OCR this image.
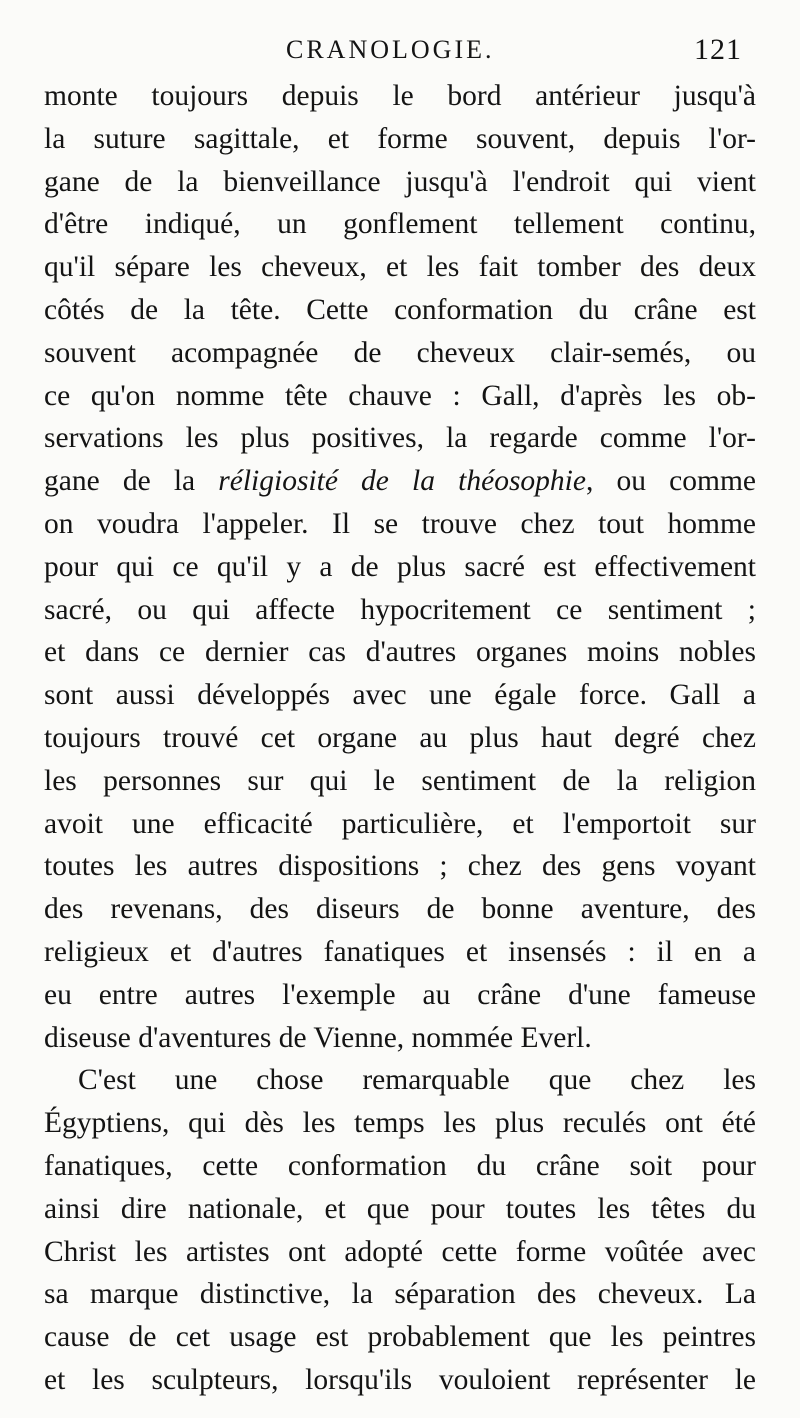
CRANOLOGIE.	121
monte toujours depuis le bord antérieur jusqu'à
la suture sagittale, et forme souvent, depuis l'or-
gane de la bienveillance jusqu'à l'endroit qui vient
d'être indiqué, un gonflement tellement continu,
qu'il sépare les cheveux, et les fait tomber des deux
côtés de la tête. Cette conformation du crâne est
souvent acompagnée de cheveux clair-semés, ou
ce qu'on nomme tête chauve : Gall, d'après les ob-
servations les plus positives, la regarde comme l'or-
gane de la réligiosité de la théosophie, ou comme
on voudra l'appeler. Il se trouve chez tout homme
pour qui ce qu'il y a de plus sacré est effectivement
sacré, ou qui affecte hypocritement ce sentiment ;
et dans ce dernier cas d'autres organes moins nobles
sont aussi développés avec une égale force. Gall a
toujours trouvé cet organe au plus haut degré chez
les personnes sur qui le sentiment de la religion
avoit une efficacité particulière, et l'emportoit sur
toutes les autres dispositions ; chez des gens voyant
des revenans, des diseurs de bonne aventure, des
religieux et d'autres fanatiques et insensés : il en a
eu entre autres l'exemple au crâne d'une fameuse
diseuse d'aventures de Vienne, nommée Everl.
C'est une chose remarquable que chez les
Égyptiens, qui dès les temps les plus reculés ont été
fanatiques, cette conformation du crâne soit pour
ainsi dire nationale, et que pour toutes les têtes du
Christ les artistes ont adopté cette forme voûtée avec
sa marque distinctive, la séparation des cheveux. La
cause de cet usage est probablement que les peintres
et les sculpteurs, lorsqu'ils vouloient représenter le
